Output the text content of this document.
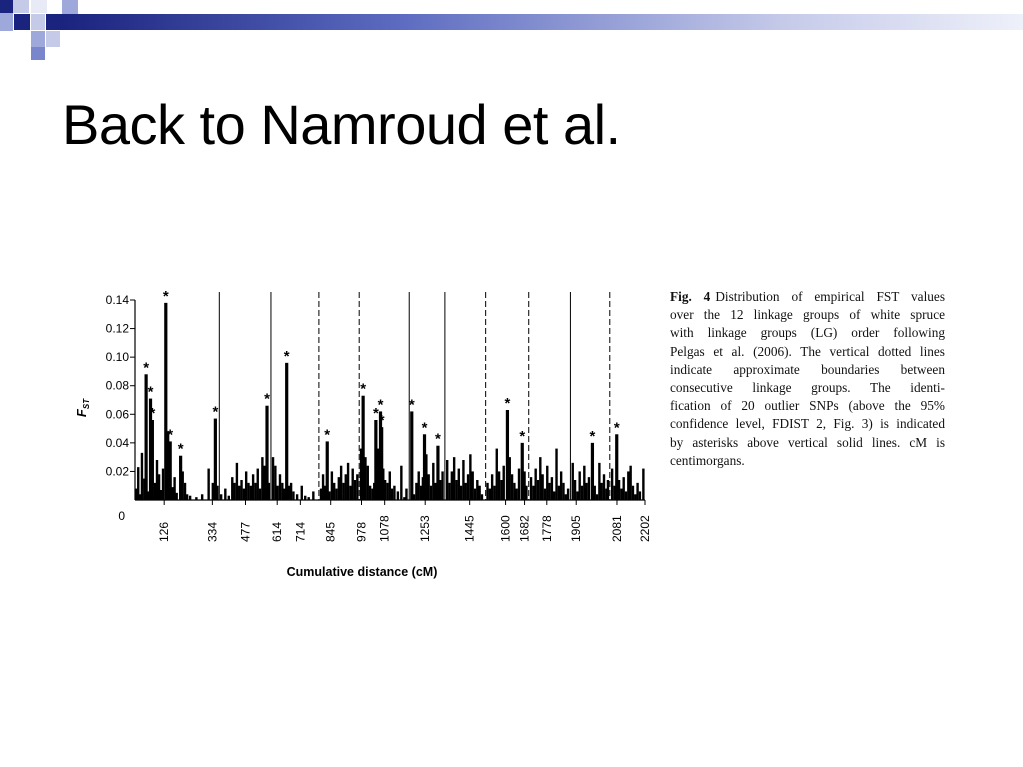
Back to Namroud et al.
*
*
*
*
*
*
*
*
*
*
*
*
*
*
*
*
*
*
*	*
*
0
0.02
0.04
0.06
0.08
0.10
0.12
0.14
126	334 477 614 714 845 978 1078 1253	1445 1600 1682 1778 1905 2081 2202
Cumulative distance (cM)
$F_{ST}$
Fig. 4 Distribution of empirical FST values
over the 12 linkage groups of white spruce
with linkage groups (LG) order following
Pelgas et al. (2006). The vertical dotted lines
indicate approximate boundaries between
consecutive linkage groups. The identi-
fication of 20 outlier SNPs (above the 95%
confidence level, FDIST 2, Fig. 3) is indicated
by asterisks above vertical solid lines. cM is
centimorgans.
